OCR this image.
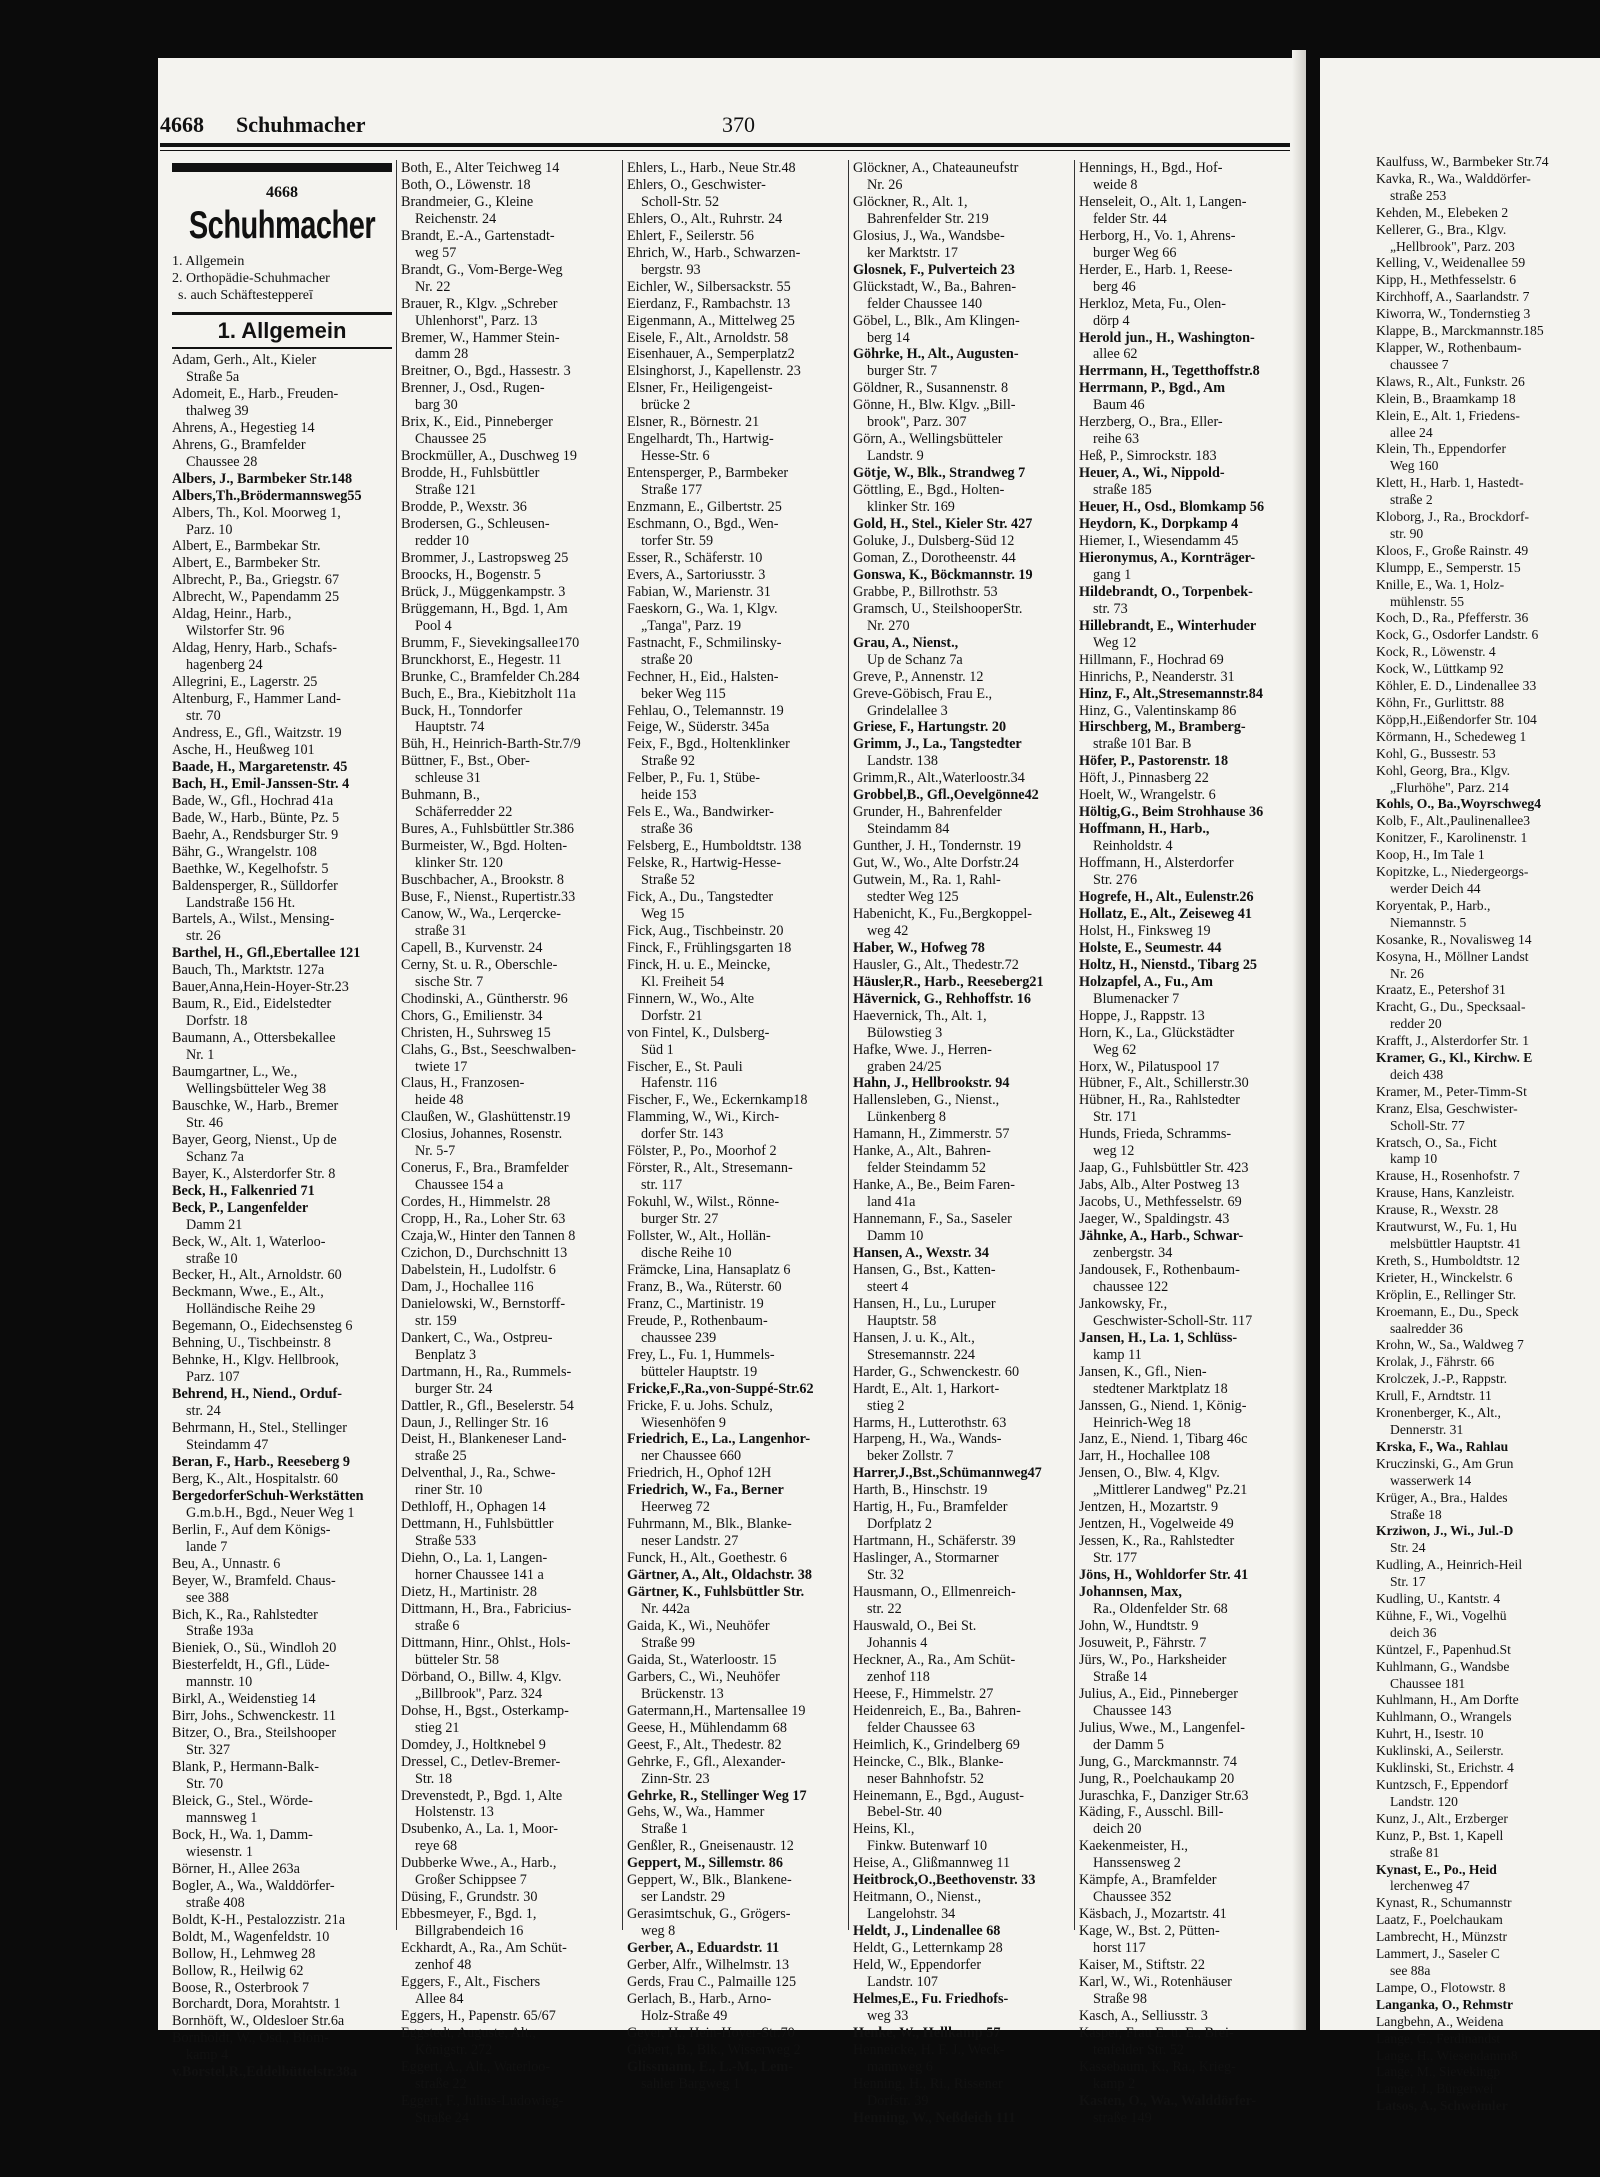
4668 Schuhmacher	370
4668
Schuhmacher
1. Allgemein
2. Orthopädie-Schuhmacher
s. auch Schäftesteppereī
1. Allgemein
Adam, Gerh., Alt., Kieler
Straße 5a
Adomeit, E., Harb., Freuden-
thalweg 39
Ahrens, A., Hegestieg 14
Ahrens, G., Bramfelder
Chaussee 28
Albers, J., Barmbeker Str.148
Albers,Th.,Brödermannsweg55
Albers, Th., Kol. Moorweg 1,
Parz. 10
Albert, E., Barmbekar Str.
Albert, E., Barmbeker Str.
Albrecht, P., Ba., Griegstr. 67
Albrecht, W., Papendamm 25
Aldag, Heinr., Harb.,
Wilstorfer Str. 96
Aldag, Henry, Harb., Schafs-
hagenberg 24
Allegrini, E., Lagerstr. 25
Altenburg, F., Hammer Land-
str. 70
Andress, E., Gfl., Waitzstr. 19
Asche, H., Heußweg 101
Baade, H., Margaretenstr. 45
Bach, H., Emil-Janssen-Str. 4
Bade, W., Gfl., Hochrad 41a
Bade, W., Harb., Bünte, Pz. 5
Baehr, A., Rendsburger Str. 9
Bähr, G., Wrangelstr. 108
Baethke, W., Kegelhofstr. 5
Baldensperger, R., Sülldorfer
Landstraße 156 Ht.
Bartels, A., Wilst., Mensing-
str. 26
Barthel, H., Gfl.,Ebertallee 121
Bauch, Th., Marktstr. 127a
Bauer,Anna,Hein-Hoyer-Str.23
Baum, R., Eid., Eidelstedter
Dorfstr. 18
Baumann, A., Ottersbekallee
Nr. 1
Baumgartner, L., We.,
Wellingsbütteler Weg 38
Bauschke, W., Harb., Bremer
Str. 46
Bayer, Georg, Nienst., Up de
Schanz 7a
Bayer, K., Alsterdorfer Str. 8
Beck, H., Falkenried 71
Beck, P., Langenfelder
Damm 21
Beck, W., Alt. 1, Waterloo-
straße 10
Becker, H., Alt., Arnoldstr. 60
Beckmann, Wwe., E., Alt.,
Holländische Reihe 29
Begemann, O., Eidechsensteg 6
Behning, U., Tischbeinstr. 8
Behnke, H., Klgv. Hellbrook,
Parz. 107
Behrend, H., Niend., Orduf-
str. 24
Behrmann, H., Stel., Stellinger
Steindamm 47
Beran, F., Harb., Reeseberg 9
Berg, K., Alt., Hospitalstr. 60
BergedorferSchuh-Werkstätten
G.m.b.H., Bgd., Neuer Weg 1
Berlin, F., Auf dem Königs-
lande 7
Beu, A., Unnastr. 6
Beyer, W., Bramfeld. Chaus-
see 388
Bich, K., Ra., Rahlstedter
Straße 193a
Bieniek, O., Sü., Windloh 20
Biesterfeldt, H., Gfl., Lüde-
mannstr. 10
Birkl, A., Weidenstieg 14
Birr, Johs., Schwenckestr. 11
Bitzer, O., Bra., Steilshooper
Str. 327
Blank, P., Hermann-Balk-
Str. 70
Bleick, G., Stel., Wörde-
mannsweg 1
Bock, H., Wa. 1, Damm-
wiesenstr. 1
Börner, H., Allee 263a
Bogler, A., Wa., Walddörfer-
straße 408
Boldt, K-H., Pestalozzistr. 21a
Boldt, M., Wagenfeldstr. 10
Bollow, H., Lehmweg 28
Bollow, R., Heilwig 62
Boose, R., Osterbrook 7
Borchardt, Dora, Morahtstr. 1
Bornhöft, W., Oldesloer Str.6a
Bornholdt, W., Osd., Blom-
kamp 4
v.Borstel,R.,Eddelbüttelstr.38a
Both, E., Alter Teichweg 14
Both, O., Löwenstr. 18
Brandmeier, G., Kleine
Reichenstr. 24
Brandt, E.-A., Gartenstadt-
weg 57
Brandt, G., Vom-Berge-Weg
Nr. 22
Brauer, R., Klgv. „Schreber
Uhlenhorst", Parz. 13
Bremer, W., Hammer Stein-
damm 28
Breitner, O., Bgd., Hassestr. 3
Brenner, J., Osd., Rugen-
barg 30
Brix, K., Eid., Pinneberger
Chaussee 25
Brockmüller, A., Duschweg 19
Brodde, H., Fuhlsbüttler
Straße 121
Brodde, P., Wexstr. 36
Brodersen, G., Schleusen-
redder 10
Brommer, J., Lastropsweg 25
Broocks, H., Bogenstr. 5
Brück, J., Müggenkampstr. 3
Brüggemann, H., Bgd. 1, Am
Pool 4
Brumm, F., Sievekingsallee170
Brunckhorst, E., Hegestr. 11
Brunke, C., Bramfelder Ch.284
Buch, E., Bra., Kiebitzholt 11a
Buck, H., Tonndorfer
Hauptstr. 74
Büh, H., Heinrich-Barth-Str.7/9
Büttner, F., Bst., Ober-
schleuse 31
Buhmann, B.,
Schäferredder 22
Bures, A., Fuhlsbüttler Str.386
Burmeister, W., Bgd. Holten-
klinker Str. 120
Buschbacher, A., Brookstr. 8
Buse, F., Nienst., Rupertistr.33
Canow, W., Wa., Lerqercke-
straße 31
Capell, B., Kurvenstr. 24
Cerny, St. u. R., Oberschle-
sische Str. 7
Chodinski, A., Güntherstr. 96
Chors, G., Emilienstr. 34
Christen, H., Suhrsweg 15
Clahs, G., Bst., Seeschwalben-
twiete 17
Claus, H., Franzosen-
heide 48
Claußen, W., Glashüttenstr.19
Closius, Johannes, Rosenstr.
Nr. 5-7
Conerus, F., Bra., Bramfelder
Chaussee 154 a
Cordes, H., Himmelstr. 28
Cropp, H., Ra., Loher Str. 63
Czaja,W., Hinter den Tannen 8
Czichon, D., Durchschnitt 13
Dabelstein, H., Ludolfstr. 6
Dam, J., Hochallee 116
Danielowski, W., Bernstorff-
str. 159
Dankert, C., Wa., Ostpreu-
Benplatz 3
Dartmann, H., Ra., Rummels-
burger Str. 24
Dattler, R., Gfl., Beselerstr. 54
Daun, J., Rellinger Str. 16
Deist, H., Blankeneser Land-
straße 25
Delventhal, J., Ra., Schwe-
riner Str. 10
Dethloff, H., Ophagen 14
Dettmann, H., Fuhlsbüttler
Straße 533
Diehn, O., La. 1, Langen-
horner Chaussee 141 a
Dietz, H., Martinistr. 28
Dittmann, H., Bra., Fabricius-
straße 6
Dittmann, Hinr., Ohlst., Hols-
bütteler Str. 58
Dörband, O., Billw. 4, Klgv.
„Billbrook", Parz. 324
Dohse, H., Bgst., Osterkamp-
stieg 21
Domdey, J., Holtknebel 9
Dressel, C., Detlev-Bremer-
Str. 18
Drevenstedt, P., Bgd. 1, Alte
Holstenstr. 13
Dsubenko, A., La. 1, Moor-
reye 68
Dubberke Wwe., A., Harb.,
Großer Schippsee 7
Düsing, F., Grundstr. 30
Ebbesmeyer, F., Bgd. 1,
Billgrabendeich 16
Eckhardt, A., Ra., Am Schüt-
zenhof 48
Eggers, F., Alt., Fischers
Allee 84
Eggers, H., Papenstr. 65/67
Eggstedt, Auguste, Alt.,
Königstr. 272
Eggert, A., Alt., Waterloo-
straße 22
Eggert, F., Julius-Ludowieg-
Straße 24
Ehlers, L., Harb., Neue Str.48
Ehlers, O., Geschwister-
Scholl-Str. 52
Ehlers, O., Alt., Ruhrstr. 24
Ehlert, F., Seilerstr. 56
Ehrich, W., Harb., Schwarzen-
bergstr. 93
Eichler, W., Silbersackstr. 55
Eierdanz, F., Rambachstr. 13
Eigenmann, A., Mittelweg 25
Eisele, F., Alt., Arnoldstr. 58
Eisenhauer, A., Semperplatz2
Elsinghorst, J., Kapellenstr. 23
Elsner, Fr., Heiligengeist-
brücke 2
Elsner, R., Börnestr. 21
Engelhardt, Th., Hartwig-
Hesse-Str. 6
Entensperger, P., Barmbeker
Straße 177
Enzmann, E., Gilbertstr. 25
Eschmann, O., Bgd., Wen-
torfer Str. 59
Esser, R., Schäferstr. 10
Evers, A., Sartoriusstr. 3
Fabian, W., Marienstr. 31
Faeskorn, G., Wa. 1, Klgv.
„Tanga", Parz. 19
Fastnacht, F., Schmilinsky-
straße 20
Fechner, H., Eid., Halsten-
beker Weg 115
Fehlau, O., Telemannstr. 19
Feige, W., Süderstr. 345a
Feix, F., Bgd., Holtenklinker
Straße 92
Felber, P., Fu. 1, Stübe-
heide 153
Fels E., Wa., Bandwirker-
straße 36
Felsberg, E., Humboldtstr. 138
Felske, R., Hartwig-Hesse-
Straße 52
Fick, A., Du., Tangstedter
Weg 15
Fick, Aug., Tischbeinstr. 20
Finck, F., Frühlingsgarten 18
Finck, H. u. E., Meincke,
Kl. Freiheit 54
Finnern, W., Wo., Alte
Dorfstr. 21
von Fintel, K., Dulsberg-
Süd 1
Fischer, E., St. Pauli
Hafenstr. 116
Fischer, F., We., Eckernkamp18
Flamming, W., Wi., Kirch-
dorfer Str. 143
Fölster, P., Po., Moorhof 2
Förster, R., Alt., Stresemann-
str. 117
Fokuhl, W., Wilst., Rönne-
burger Str. 27
Follster, W., Alt., Hollän-
dische Reihe 10
Främcke, Lina, Hansaplatz 6
Franz, B., Wa., Rüterstr. 60
Franz, C., Martinistr. 19
Freude, P., Rothenbaum-
chaussee 239
Frey, L., Fu. 1, Hummels-
bütteler Hauptstr. 19
Fricke,F.,Ra.,von-Suppé-Str.62
Fricke, F. u. Johs. Schulz,
Wiesenhöfen 9
Friedrich, E., La., Langenhor-
ner Chaussee 660
Friedrich, H., Ophof 12H
Friedrich, W., Fa., Berner
Heerweg 72
Fuhrmann, M., Blk., Blanke-
neser Landstr. 27
Funck, H., Alt., Goethestr. 6
Gärtner, A., Alt., Oldachstr. 38
Gärtner, K., Fuhlsbüttler Str.
Nr. 442a
Gaida, K., Wi., Neuhöfer
Straße 99
Gaida, St., Waterloostr. 15
Garbers, C., Wi., Neuhöfer
Brückenstr. 13
Gatermann,H., Martensallee 19
Geese, H., Mühlendamm 68
Geest, F., Alt., Thedestr. 82
Gehrke, F., Gfl., Alexander-
Zinn-Str. 23
Gehrke, R., Stellinger Weg 17
Gehs, W., Wa., Hammer
Straße 1
Genßler, R., Gneisenaustr. 12
Geppert, M., Sillemstr. 86
Geppert, W., Blk., Blankene-
ser Landstr. 29
Gerasimtschuk, G., Grögers-
weg 8
Gerber, A., Eduardstr. 11
Gerber, Alfr., Wilhelmstr. 13
Gerds, Frau C., Palmaille 125
Gerlach, B., Harb., Arno-
Holz-Straße 49
Geyer, H., Hein-Hoyer-Str.70
Giebert, B., Blk., Wisserweg 2
Glissmann, E., L.-M., Lem-
sahler Bargweg 1
Glöckner, A., Chateauneufstr
Nr. 26
Glöckner, R., Alt. 1,
Bahrenfelder Str. 219
Glosius, J., Wa., Wandsbe-
ker Marktstr. 17
Glosnek, F., Pulverteich 23
Glückstadt, W., Ba., Bahren-
felder Chaussee 140
Göbel, L., Blk., Am Klingen-
berg 14
Göhrke, H., Alt., Augusten-
burger Str. 7
Göldner, R., Susannenstr. 8
Gönne, H., Blw. Klgv. „Bill-
brook", Parz. 307
Görn, A., Wellingsbütteler
Landstr. 9
Götje, W., Blk., Strandweg 7
Göttling, E., Bgd., Holten-
klinker Str. 169
Gold, H., Stel., Kieler Str. 427
Goluke, J., Dulsberg-Süd 12
Goman, Z., Dorotheenstr. 44
Gonswa, K., Böckmannstr. 19
Grabbe, P., Billrothstr. 53
Gramsch, U., SteilshooperStr.
Nr. 270
Grau, A., Nienst.,
Up de Schanz 7a
Greve, P., Annenstr. 12
Greve-Göbisch, Frau E.,
Grindelallee 3
Griese, F., Hartungstr. 20
Grimm, J., La., Tangstedter
Landstr. 138
Grimm,R., Alt.,Waterloostr.34
Grobbel,B., Gfl.,Oevelgönne42
Grunder, H., Bahrenfelder
Steindamm 84
Gunther, J. H., Tondernstr. 19
Gut, W., Wo., Alte Dorfstr.24
Gutwein, M., Ra. 1, Rahl-
stedter Weg 125
Habenicht, K., Fu.,Bergkoppel-
weg 42
Haber, W., Hofweg 78
Hausler, G., Alt., Thedestr.72
Häusler,R., Harb., Reeseberg21
Hävernick, G., Rehhoffstr. 16
Haevernick, Th., Alt. 1,
Bülowstieg 3
Hafke, Wwe. J., Herren-
graben 24/25
Hahn, J., Hellbrookstr. 94
Hallensleben, G., Nienst.,
Lünkenberg 8
Hamann, H., Zimmerstr. 57
Hanke, A., Alt., Bahren-
felder Steindamm 52
Hanke, A., Be., Beim Faren-
land 41a
Hannemann, F., Sa., Saseler
Damm 10
Hansen, A., Wexstr. 34
Hansen, G., Bst., Katten-
steert 4
Hansen, H., Lu., Luruper
Hauptstr. 58
Hansen, J. u. K., Alt.,
Stresemannstr. 224
Harder, G., Schwenckestr. 60
Hardt, E., Alt. 1, Harkort-
stieg 2
Harms, H., Lutterothstr. 63
Harpeng, H., Wa., Wands-
beker Zollstr. 7
Harrer,J.,Bst.,Schümannweg47
Harth, B., Hinschstr. 19
Hartig, H., Fu., Bramfelder
Dorfplatz 2
Hartmann, H., Schäferstr. 39
Haslinger, A., Stormarner
Str. 32
Hausmann, O., Ellmenreich-
str. 22
Hauswald, O., Bei St.
Johannis 4
Heckner, A., Ra., Am Schüt-
zenhof 118
Heese, F., Himmelstr. 27
Heidenreich, E., Ba., Bahren-
felder Chaussee 63
Heimlich, K., Grindelberg 69
Heincke, C., Blk., Blanke-
neser Bahnhofstr. 52
Heinemann, E., Bgd., August-
Bebel-Str. 40
Heins, Kl.,
Finkw. Butenwarf 10
Heise, A., Glißmannweg 11
Heitbrock,O.,Beethovenstr. 33
Heitmann, O., Nienst.,
Langelohstr. 34
Heldt, J., Lindenallee 68
Heldt, G., Letternkamp 28
Held, W., Eppendorfer
Landstr. 107
Helmes,E., Fu. Friedhofs-
weg 33
Henke, W., Hellkamp 57
Henneicke, H. F. J., Weck-
mannweg 6
Henning, H., Ri., Rissener
Dorfstr. 39
Henning, W., Neßdeich 111
Hennings, H., Bgd., Hof-
weide 8
Henseleit, O., Alt. 1, Langen-
felder Str. 44
Herborg, H., Vo. 1, Ahrens-
burger Weg 66
Herder, E., Harb. 1, Reese-
berg 46
Herkloz, Meta, Fu., Olen-
dörp 4
Herold jun., H., Washington-
allee 62
Herrmann, H., Tegetthoffstr.8
Herrmann, P., Bgd., Am
Baum 46
Herzberg, O., Bra., Eller-
reihe 63
Heß, P., Simrockstr. 183
Heuer, A., Wi., Nippold-
straße 185
Heuer, H., Osd., Blomkamp 56
Heydorn, K., Dorpkamp 4
Hiemer, I., Wiesendamm 45
Hieronymus, A., Kornträger-
gang 1
Hildebrandt, O., Torpenbek-
str. 73
Hillebrandt, E., Winterhuder
Weg 12
Hillmann, F., Hochrad 69
Hinrichs, P., Neanderstr. 31
Hinz, F., Alt.,Stresemannstr.84
Hinz, G., Valentinskamp 86
Hirschberg, M., Bramberg-
straße 101 Bar. B
Höfer, P., Pastorenstr. 18
Höft, J., Pinnasberg 22
Hoelt, W., Wrangelstr. 6
Höltig,G., Beim Strohhause 36
Hoffmann, H., Harb.,
Reinholdstr. 4
Hoffmann, H., Alsterdorfer
Str. 276
Hogrefe, H., Alt., Eulenstr.26
Hollatz, E., Alt., Zeiseweg 41
Holst, H., Finksweg 19
Holste, E., Seumestr. 44
Holtz, H., Nienstd., Tibarg 25
Holzapfel, A., Fu., Am
Blumenacker 7
Hoppe, J., Rappstr. 13
Horn, K., La., Glückstädter
Weg 62
Horx, W., Pilatuspool 17
Hübner, F., Alt., Schillerstr.30
Hübner, H., Ra., Rahlstedter
Str. 171
Hunds, Frieda, Schramms-
weg 12
Jaap, G., Fuhlsbüttler Str. 423
Jabs, Alb., Alter Postweg 13
Jacobs, U., Methfesselstr. 69
Jaeger, W., Spaldingstr. 43
Jähnke, A., Harb., Schwar-
zenbergstr. 34
Jandousek, F., Rothenbaum-
chaussee 122
Jankowsky, Fr.,
Geschwister-Scholl-Str. 117
Jansen, H., La. 1, Schlüss-
kamp 11
Jansen, K., Gfl., Nien-
stedtener Marktplatz 18
Janssen, G., Niend. 1, König-
Heinrich-Weg 18
Janz, E., Niend. 1, Tibarg 46c
Jarr, H., Hochallee 108
Jensen, O., Blw. 4, Klgv.
„Mittlerer Landweg" Pz.21
Jentzen, H., Mozartstr. 9
Jentzen, H., Vogelweide 49
Jessen, K., Ra., Rahlstedter
Str. 177
Jöns, H., Wohldorfer Str. 41
Johannsen, Max,
Ra., Oldenfelder Str. 68
John, W., Hundtstr. 9
Josuweit, P., Fährstr. 7
Jürs, W., Po., Harksheider
Straße 14
Julius, A., Eid., Pinneberger
Chaussee 143
Julius, Wwe., M., Langenfel-
der Damm 5
Jung, G., Marckmannstr. 74
Jung, R., Poelchaukamp 20
Juraschka, F., Danziger Str.63
Käding, F., Ausschl. Bill-
deich 20
Kaekenmeister, H.,
Hanssensweg 2
Kämpfe, A., Bramfelder
Chaussee 352
Käsbach, J., Mozartstr. 41
Kage, W., Bst. 2, Pütten-
horst 117
Kaiser, M., Stiftstr. 22
Karl, W., Wi., Rotenhäuser
Straße 98
Kasch, A., Selliusstr. 3
Kasper, Frau E. u. E., Brei-
tenfelder Str. 52
Kassebaum, K., Ra., Krieg-
kamp 2
Kasten, O., Wa., Walddörfer-
straße 149
Kaulfuss, W., Barmbeker Str.74
Kavka, R., Wa., Walddörfer-
straße 253
Kehden, M., Elebeken 2
Kellerer, G., Bra., Klgv.
„Hellbrook", Parz. 203
Kelling, V., Weidenallee 59
Kipp, H., Methfesselstr. 6
Kirchhoff, A., Saarlandstr. 7
Kiworra, W., Tondernstieg 3
Klappe, B., Marckmannstr.185
Klapper, W., Rothenbaum-
chaussee 7
Klaws, R., Alt., Funkstr. 26
Klein, B., Braamkamp 18
Klein, E., Alt. 1, Friedens-
allee 24
Klein, Th., Eppendorfer
Weg 160
Klett, H., Harb. 1, Hastedt-
straße 2
Kloborg, J., Ra., Brockdorf-
str. 90
Kloos, F., Große Rainstr. 49
Klumpp, E., Semperstr. 15
Knille, E., Wa. 1, Holz-
mühlenstr. 55
Koch, D., Ra., Pfefferstr. 36
Kock, G., Osdorfer Landstr. 6
Kock, R., Löwenstr. 4
Kock, W., Lüttkamp 92
Köhler, E. D., Lindenallee 33
Köhn, Fr., Gurlittstr. 88
Köpp,H.,Eißendorfer Str. 104
Körmann, H., Schedeweg 1
Kohl, G., Bussestr. 53
Kohl, Georg, Bra., Klgv.
„Flurhöhe", Parz. 214
Kohls, O., Ba.,Woyrschweg4
Kolb, F., Alt.,Paulinenallee3
Konitzer, F., Karolinenstr. 1
Koop, H., Im Tale 1
Kopitzke, L., Niedergeorgs-
werder Deich 44
Koryentak, P., Harb.,
Niemannstr. 5
Kosanke, R., Novalisweg 14
Kosyna, H., Möllner Landst
Nr. 26
Kraatz, E., Petershof 31
Kracht, G., Du., Specksaal-
redder 20
Krafft, J., Alsterdorfer Str. 1
Kramer, G., Kl., Kirchw. E
deich 438
Kramer, M., Peter-Timm-St
Kranz, Elsa, Geschwister-
Scholl-Str. 77
Kratsch, O., Sa., Ficht
kamp 10
Krause, H., Rosenhofstr. 7
Krause, Hans, Kanzleistr.
Krause, R., Wexstr. 28
Krautwurst, W., Fu. 1, Hu
melsbüttler Hauptstr. 41
Kreth, S., Humboldtstr. 12
Krieter, H., Winckelstr. 6
Kröplin, E., Rellinger Str.
Kroemann, E., Du., Speck
saalredder 36
Krohn, W., Sa., Waldweg 7
Krolak, J., Fährstr. 66
Krolczek, J.-P., Rappstr.
Krull, F., Arndtstr. 11
Kronenberger, K., Alt.,
Dennerstr. 31
Krska, F., Wa., Rahlau
Kruczinski, G., Am Grun
wasserwerk 14
Krüger, A., Bra., Haldes
Straße 18
Krziwon, J., Wi., Jul.-D
Str. 24
Kudling, A., Heinrich-Heil
Str. 17
Kudling, U., Kantstr. 4
Kühne, F., Wi., Vogelhü
deich 36
Küntzel, F., Papenhud.St
Kuhlmann, G., Wandsbe
Chaussee 181
Kuhlmann, H., Am Dorfte
Kuhlmann, O., Wrangels
Kuhrt, H., Isestr. 10
Kuklinski, A., Seilerstr.
Kuklinski, St., Erichstr. 4
Kuntzsch, F., Eppendorf
Landstr. 120
Kunz, J., Alt., Erzberger
Kunz, P., Bst. 1, Kapell
straße 81
Kynast, E., Po., Heid
lerchenweg 47
Kynast, R., Schumannstr
Laatz, F., Poelchaukam
Lambrecht, H., Münzstr
Lammert, J., Saseler C
see 88a
Lampe, O., Flotowstr. 8
Langanka, O., Rehmstr
Langbehn, A., Weidena
Lange, C., Ferdinandst
Lange, H., Wiesendamm8
Lange, M., Sievekingp
Langer, J., Bürgerwei
Latsos, A., Schweimler
